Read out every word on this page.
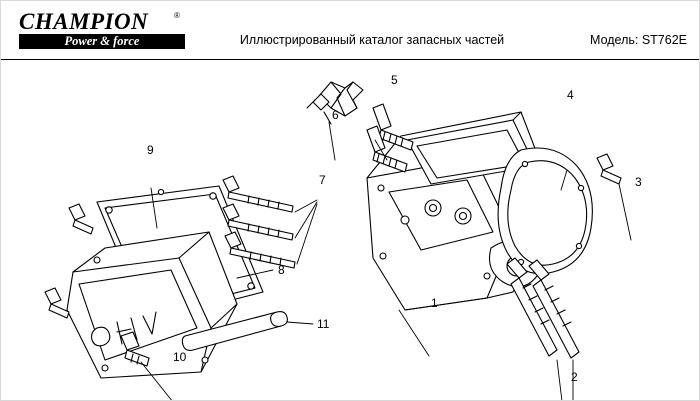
CHAMPION	®
Power & force	Иллюстрированный каталог запасных частей	Модель: ST762E
1
2
3
4
5
6
7
8
9
10
11
